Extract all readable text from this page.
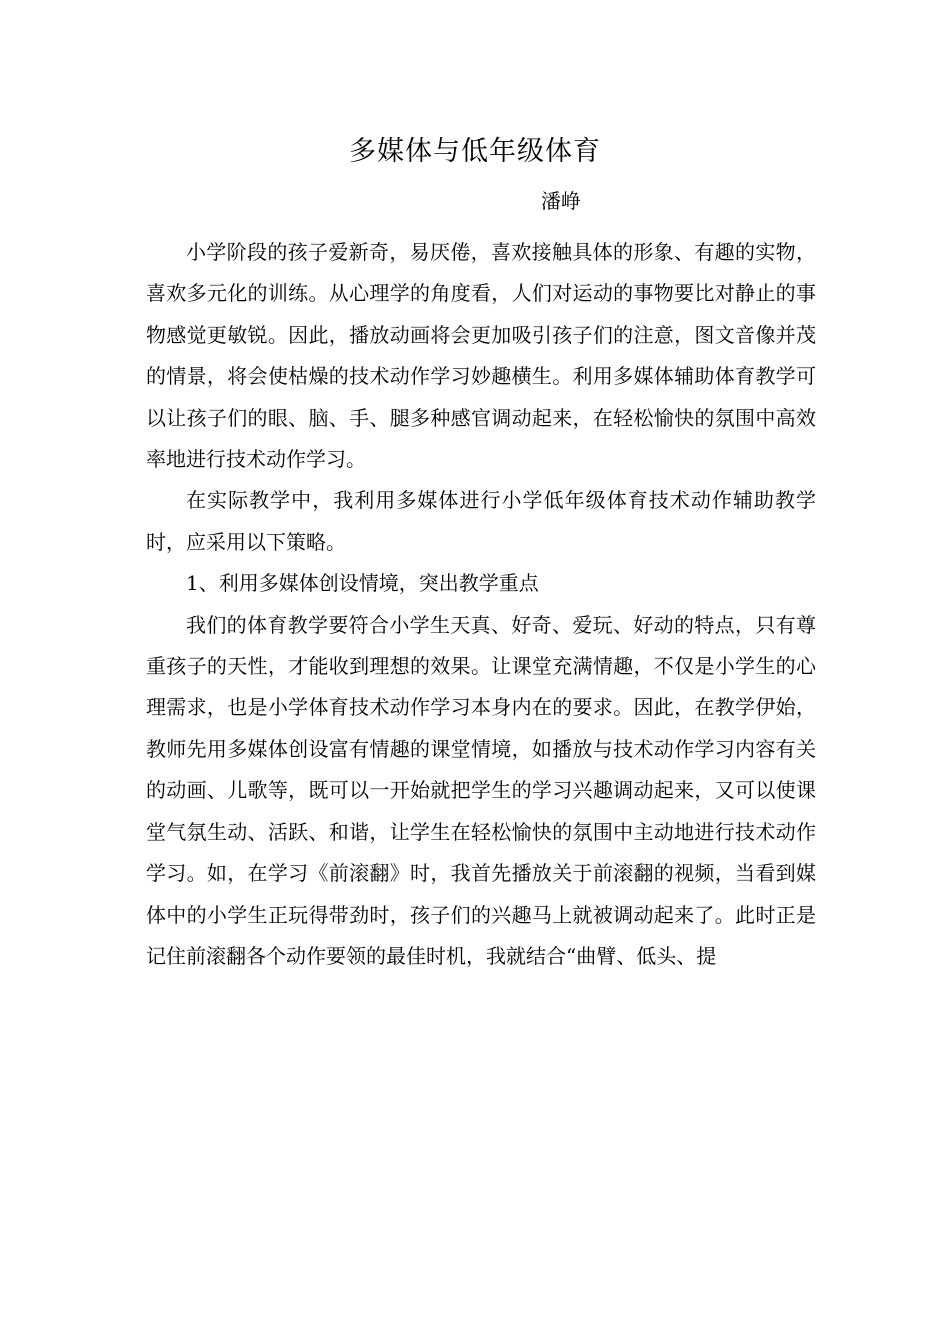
多媒体与低年级体育
潘峥

小学阶段的孩子爱新奇，易厌倦，喜欢接触具体的形象、有趣的实物，喜欢多元化的训练。从心理学的角度看，人们对运动的事物要比对静止的事物感觉更敏锐。因此，播放动画将会更加吸引孩子们的注意，图文音像并茂的情景，将会使枯燥的技术动作学习妙趣横生。利用多媒体辅助体育教学可以让孩子们的眼、脑、手、腿多种感官调动起来，在轻松愉快的氛围中高效率地进行技术动作学习。

在实际教学中，我利用多媒体进行小学低年级体育技术动作辅助教学时，应采用以下策略。

1、利用多媒体创设情境，突出教学重点

我们的体育教学要符合小学生天真、好奇、爱玩、好动的特点，只有尊重孩子的天性，才能收到理想的效果。让课堂充满情趣，不仅是小学生的心理需求，也是小学体育技术动作学习本身内在的要求。因此，在教学伊始，教师先用多媒体创设富有情趣的课堂情境，如播放与技术动作学习内容有关的动画、儿歌等，既可以一开始就把学生的学习兴趣调动起来，又可以使课堂气氛生动、活跃、和谐，让学生在轻松愉快的氛围中主动地进行技术动作学习。如，在学习《前滚翻》时，我首先播放关于前滚翻的视频，当看到媒体中的小学生正玩得带劲时，孩子们的兴趣马上就被调动起来了。此时正是记住前滚翻各个动作要领的最佳时机，我就结合“曲臂、低头、提
